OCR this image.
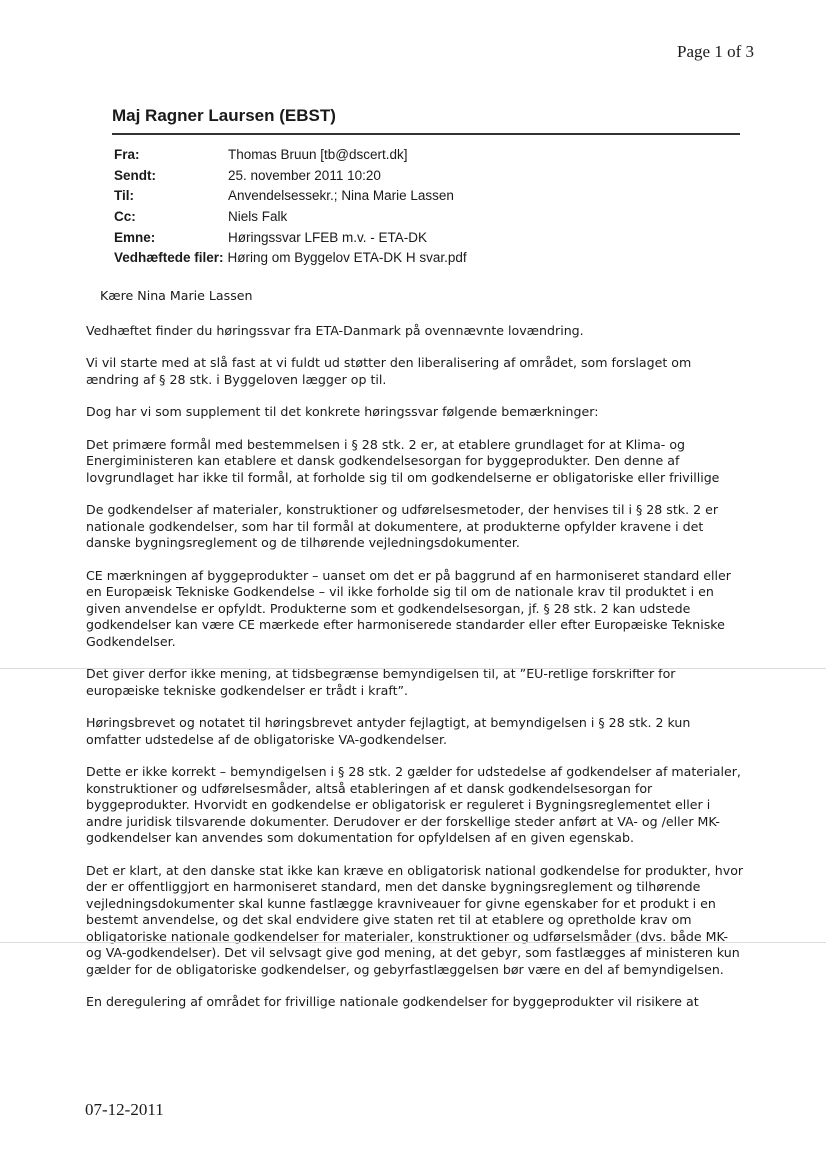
Page 1 of 3
Maj Ragner Laursen (EBST)
Fra:	Thomas Bruun [tb@dscert.dk]
Sendt:	25. november 2011 10:20
Til:	Anvendelsessekr.; Nina Marie Lassen
Cc:	Niels Falk
Emne:	Høringssvar LFEB m.v. - ETA-DK
Vedhæftede filer: Høring om Byggelov ETA-DK H svar.pdf

Kære Nina Marie Lassen

Vedhæftet finder du høringssvar fra ETA-Danmark på ovennævnte lovændring.

Vi vil starte med at slå fast at vi fuldt ud støtter den liberalisering af området, som forslaget om ændring af § 28 stk. i Byggeloven lægger op til.

Dog har vi som supplement til det konkrete høringssvar følgende bemærkninger:

Det primære formål med bestemmelsen i § 28 stk. 2 er, at etablere grundlaget for at Klima- og Energiministeren kan etablere et dansk godkendelsesorgan for byggeprodukter. Den denne af lovgrundlaget har ikke til formål, at forholde sig til om godkendelserne er obligatoriske eller frivillige

De godkendelser af materialer, konstruktioner og udførelsesmetoder, der henvises til i § 28 stk. 2 er nationale godkendelser, som har til formål at dokumentere, at produkterne opfylder kravene i det danske bygningsreglement og de tilhørende vejledningsdokumenter.

CE mærkningen af byggeprodukter – uanset om det er på baggrund af en harmoniseret standard eller en Europæisk Tekniske Godkendelse – vil ikke forholde sig til om de nationale krav til produktet i en given anvendelse er opfyldt. Produkterne som et godkendelsesorgan, jf. § 28 stk. 2 kan udstede godkendelser kan være CE mærkede efter harmoniserede standarder eller efter Europæiske Tekniske Godkendelser.

Det giver derfor ikke mening, at tidsbegrænse bemyndigelsen til, at ”EU-retlige forskrifter for europæiske tekniske godkendelser er trådt i kraft”.

Høringsbrevet og notatet til høringsbrevet antyder fejlagtigt, at bemyndigelsen i § 28 stk. 2 kun omfatter udstedelse af de obligatoriske VA-godkendelser.

Dette er ikke korrekt – bemyndigelsen i § 28 stk. 2 gælder for udstedelse af godkendelser af materialer, konstruktioner og udførelsesmåder, altså etableringen af et dansk godkendelsesorgan for byggeprodukter. Hvorvidt en godkendelse er obligatorisk er reguleret i Bygningsreglementet eller i andre juridisk tilsvarende dokumenter. Derudover er der forskellige steder anført at VA- og /eller MK-godkendelser kan anvendes som dokumentation for opfyldelsen af en given egenskab.

Det er klart, at den danske stat ikke kan kræve en obligatorisk national godkendelse for produkter, hvor der er offentliggjort en harmoniseret standard, men det danske bygningsreglement og tilhørende vejledningsdokumenter skal kunne fastlægge kravniveauer for givne egenskaber for et produkt i en bestemt anvendelse, og det skal endvidere give staten ret til at etablere og opretholde krav om obligatoriske nationale godkendelser for materialer, konstruktioner og udførselsmåder (dvs. både MK- og VA-godkendelser). Det vil selvsagt give god mening, at det gebyr, som fastlægges af ministeren kun gælder for de obligatoriske godkendelser, og gebyrfastlæggelsen bør være en del af bemyndigelsen.

En deregulering af området for frivillige nationale godkendelser for byggeprodukter vil risikere at

07-12-2011
